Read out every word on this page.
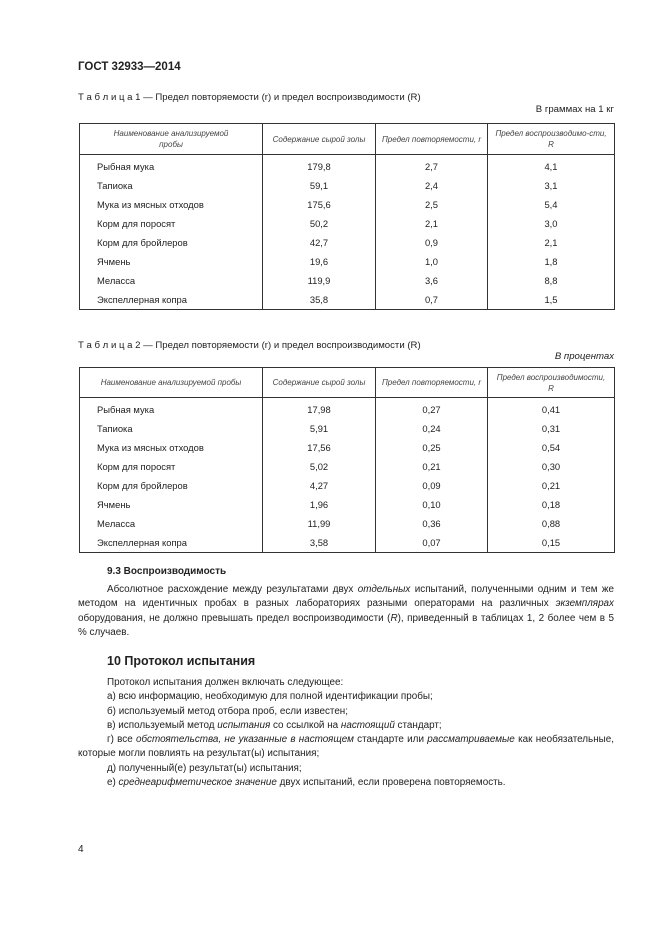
ГОСТ 32933—2014
Т а б л и ц а 1 — Предел повторяемости (r) и предел воспроизводимости (R)
В граммах на 1 кг
Наименование анализируемой пробы	Содержание сырой золы	Предел повторяемости, r	Предел воспроизводимо-сти, R
Рыбная мука	179,8	2,7	4,1
Тапиока	59,1	2,4	3,1
Мука из мясных отходов	175,6	2,5	5,4
Корм для поросят	50,2	2,1	3,0
Корм для бройлеров	42,7	0,9	2,1
Ячмень	19,6	1,0	1,8
Меласса	119,9	3,6	8,8
Экспеллерная копра	35,8	0,7	1,5
Т а б л и ц а 2 — Предел повторяемости (r) и предел воспроизводимости (R)
В процентах
Наименование анализируемой пробы	Содержание сырой золы	Предел повторяемости, r	Предел воспроизводимости, R
Рыбная мука	17,98	0,27	0,41
Тапиока	5,91	0,24	0,31
Мука из мясных отходов	17,56	0,25	0,54
Корм для поросят	5,02	0,21	0,30
Корм для бройлеров	4,27	0,09	0,21
Ячмень	1,96	0,10	0,18
Меласса	11,99	0,36	0,88
Экспеллерная копра	3,58	0,07	0,15
9.3 Воспроизводимость
Абсолютное расхождение между результатами двух отдельных испытаний, полученными одним и тем же методом на идентичных пробах в разных лабораториях разными операторами на различных экземплярах оборудования, не должно превышать предел воспроизводимости (R), приведенный в таблицах 1, 2 более чем в 5 % случаев.
10 Протокол испытания
Протокол испытания должен включать следующее:
а) всю информацию, необходимую для полной идентификации пробы;
б) используемый метод отбора проб, если известен;
в) используемый метод испытания со ссылкой на настоящий стандарт;
г) все обстоятельства, не указанные в настоящем стандарте или рассматриваемые как необязательные, которые могли повлиять на результат(ы) испытания;
д) полученный(е) результат(ы) испытания;
е) среднеарифметическое значение двух испытаний, если проверена повторяемость.
4
